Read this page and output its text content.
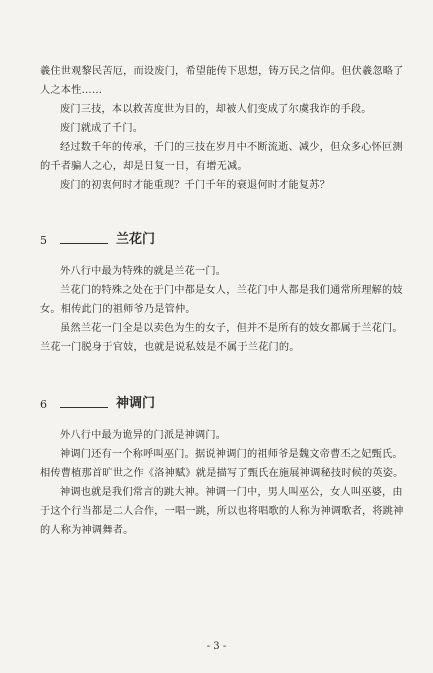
羲住世观黎民苦厄，而设废门，希望能传下思想，铸万民之信仰。但伏羲忽略了

人之本性……

废门三技，本以救苦度世为目的，却被人们变成了尔虞我诈的手段。

废门就成了千门。

经过数千年的传承，千门的三技在岁月中不断流逝、减少，但众多心怀叵测

的千者骗人之心，却是日复一日，有增无减。

废门的初衷何时才能重现？千门千年的衰退何时才能复苏？

5	兰花门

外八行中最为特殊的就是兰花一门。

兰花门的特殊之处在于门中都是女人，兰花门中人都是我们通常所理解的妓

女。相传此门的祖师爷乃是管仲。

虽然兰花一门全是以卖色为生的女子，但并不是所有的妓女都属于兰花门。

兰花一门脱身于官妓，也就是说私妓是不属于兰花门的。

6	神调门

外八行中最为诡异的门派是神调门。

神调门还有一个称呼叫巫门。据说神调门的祖师爷是魏文帝曹丕之妃甄氏。

相传曹植那首旷世之作《洛神赋》就是描写了甄氏在施展神调秘技时候的英姿。

神调也就是我们常言的跳大神。神调一门中，男人叫巫公，女人叫巫婆，由

于这个行当都是二人合作，一唱一跳，所以也将唱歌的人称为神调歌者，将跳神

的人称为神调舞者。

- 3 -
